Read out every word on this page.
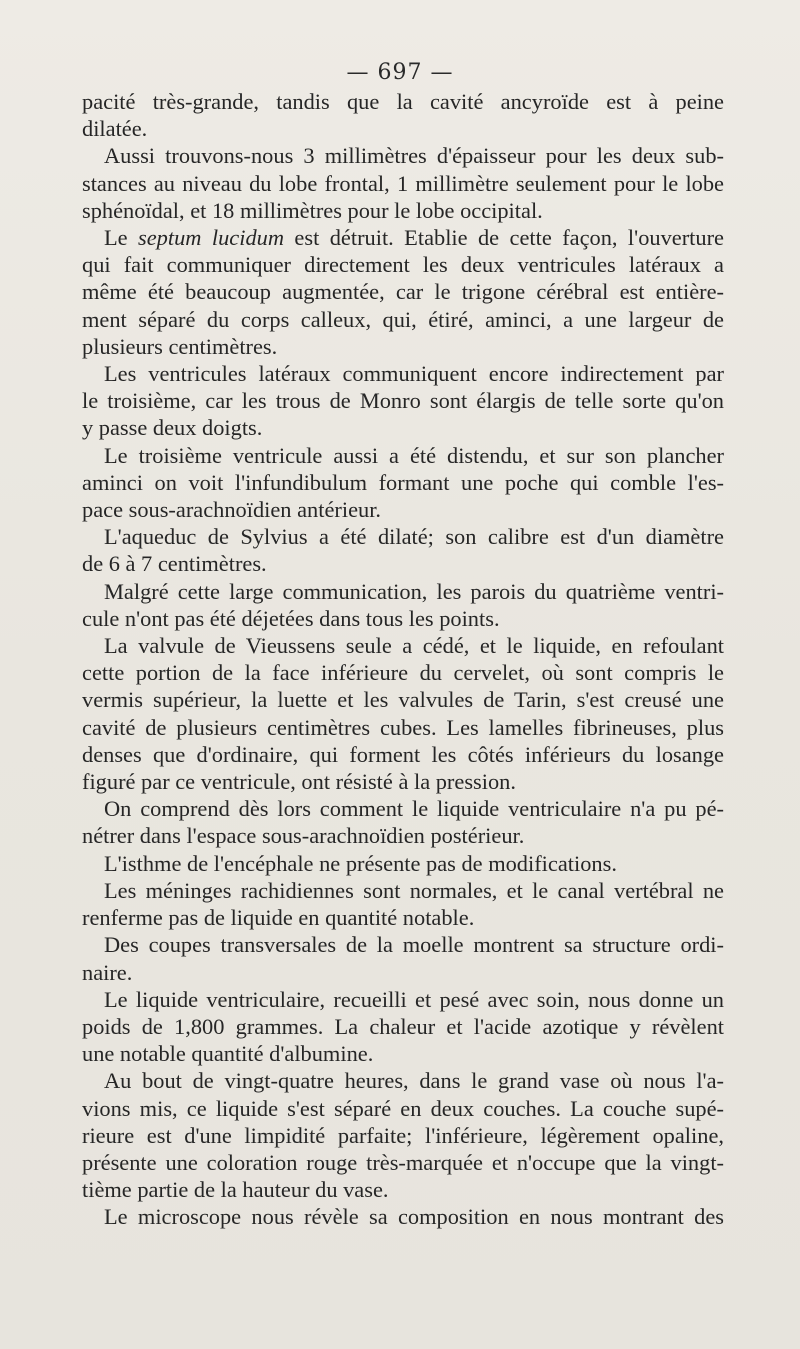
— 697 —

pacité très-grande, tandis que la cavité ancyroïde est à peine

dilatée.

Aussi trouvons-nous 3 millimètres d'épaisseur pour les deux sub-

stances au niveau du lobe frontal, 1 millimètre seulement pour le lobe

sphénoïdal, et 18 millimètres pour le lobe occipital.

Le septum lucidum est détruit. Etablie de cette façon, l'ouverture

qui fait communiquer directement les deux ventricules latéraux a

même été beaucoup augmentée, car le trigone cérébral est entière-

ment séparé du corps calleux, qui, étiré, aminci, a une largeur de

plusieurs centimètres.

Les ventricules latéraux communiquent encore indirectement par

le troisième, car les trous de Monro sont élargis de telle sorte qu'on

y passe deux doigts.

Le troisième ventricule aussi a été distendu, et sur son plancher

aminci on voit l'infundibulum formant une poche qui comble l'es-

pace sous-arachnoïdien antérieur.

L'aqueduc de Sylvius a été dilaté; son calibre est d'un diamètre

de 6 à 7 centimètres.

Malgré cette large communication, les parois du quatrième ventri-

cule n'ont pas été déjetées dans tous les points.

La valvule de Vieussens seule a cédé, et le liquide, en refoulant

cette portion de la face inférieure du cervelet, où sont compris le

vermis supérieur, la luette et les valvules de Tarin, s'est creusé une

cavité de plusieurs centimètres cubes. Les lamelles fibrineuses, plus

denses que d'ordinaire, qui forment les côtés inférieurs du losange

figuré par ce ventricule, ont résisté à la pression.

On comprend dès lors comment le liquide ventriculaire n'a pu pé-

nétrer dans l'espace sous-arachnoïdien postérieur.

L'isthme de l'encéphale ne présente pas de modifications.

Les méninges rachidiennes sont normales, et le canal vertébral ne

renferme pas de liquide en quantité notable.

Des coupes transversales de la moelle montrent sa structure ordi-

naire.

Le liquide ventriculaire, recueilli et pesé avec soin, nous donne un

poids de 1,800 grammes. La chaleur et l'acide azotique y révèlent

une notable quantité d'albumine.

Au bout de vingt-quatre heures, dans le grand vase où nous l'a-

vions mis, ce liquide s'est séparé en deux couches. La couche supé-

rieure est d'une limpidité parfaite; l'inférieure, légèrement opaline,

présente une coloration rouge très-marquée et n'occupe que la vingt-

tième partie de la hauteur du vase.

Le microscope nous révèle sa composition en nous montrant des
